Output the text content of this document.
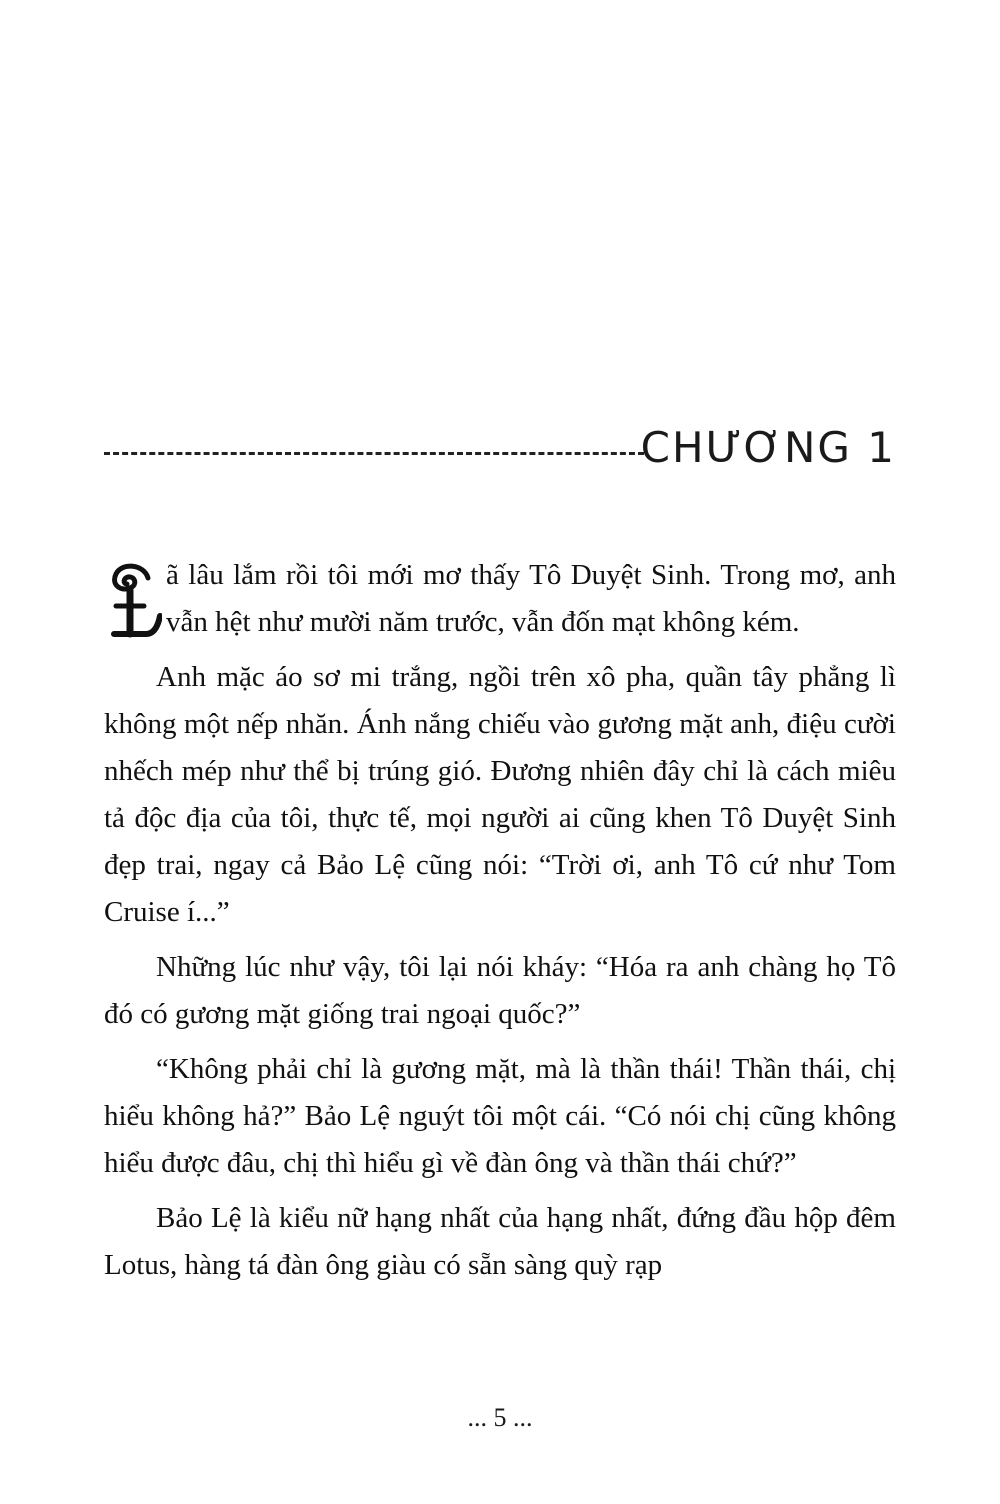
CHƯƠNG 1

ã lâu lắm rồi tôi mới mơ thấy Tô Duyệt Sinh. Trong mơ, anh vẫn hệt như mười năm trước, vẫn đốn mạt không kém.

Anh mặc áo sơ mi trắng, ngồi trên xô pha, quần tây phẳng lì không một nếp nhăn. Ánh nắng chiếu vào gương mặt anh, điệu cười nhếch mép như thể bị trúng gió. Đương nhiên đây chỉ là cách miêu tả độc địa của tôi, thực tế, mọi người ai cũng khen Tô Duyệt Sinh đẹp trai, ngay cả Bảo Lệ cũng nói: “Trời ơi, anh Tô cứ như Tom Cruise í...”

Những lúc như vậy, tôi lại nói kháy: “Hóa ra anh chàng họ Tô đó có gương mặt giống trai ngoại quốc?”

“Không phải chỉ là gương mặt, mà là thần thái! Thần thái, chị hiểu không hả?” Bảo Lệ nguýt tôi một cái. “Có nói chị cũng không hiểu được đâu, chị thì hiểu gì về đàn ông và thần thái chứ?”

Bảo Lệ là kiểu nữ hạng nhất của hạng nhất, đứng đầu hộp đêm Lotus, hàng tá đàn ông giàu có sẵn sàng quỳ rạp

... 5 ...
